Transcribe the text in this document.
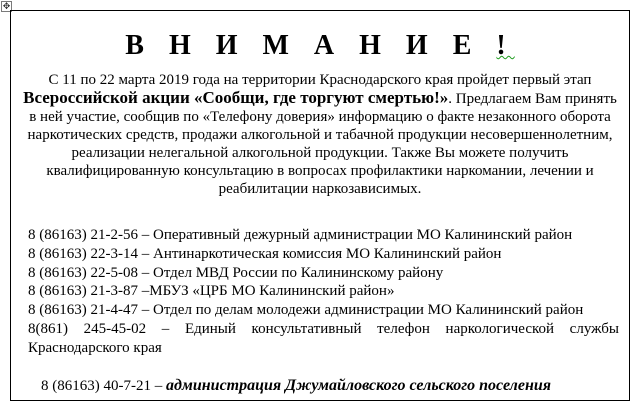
✥
В Н И М А Н И Е !

С 11 по 22 марта 2019 года на территории Краснодарского края пройдет первый этап

Всероссийской акции «Сообщи, где торгуют смертью!». Предлагаем Вам принять в ней участие, сообщив по «Телефону доверия» информацию о факте незаконного оборота наркотических средств, продажи алкогольной и табачной продукции несовершеннолетним, реализации нелегальной алкогольной продукции. Также Вы можете получить квалифицированную консультацию в вопросах профилактики наркомании, лечении и реабилитации наркозависимых.

8 (86163) 21-2-56 – Оперативный дежурный администрации МО Калининский район
8 (86163) 22-3-14 – Антинаркотическая комиссия МО Калининский район
8 (86163) 22-5-08 – Отдел МВД России по Калининскому району
8 (86163) 21-3-87 –МБУЗ «ЦРБ МО Калининский район»
8 (86163) 21-4-47 – Отдел по делам молодежи администрации МО Калининский район
8(861) 245-45-02 – Единый консультативный телефон наркологической службы Краснодарского края
8 (86163) 40-7-21 – администрация Джумайловского сельского поселения
